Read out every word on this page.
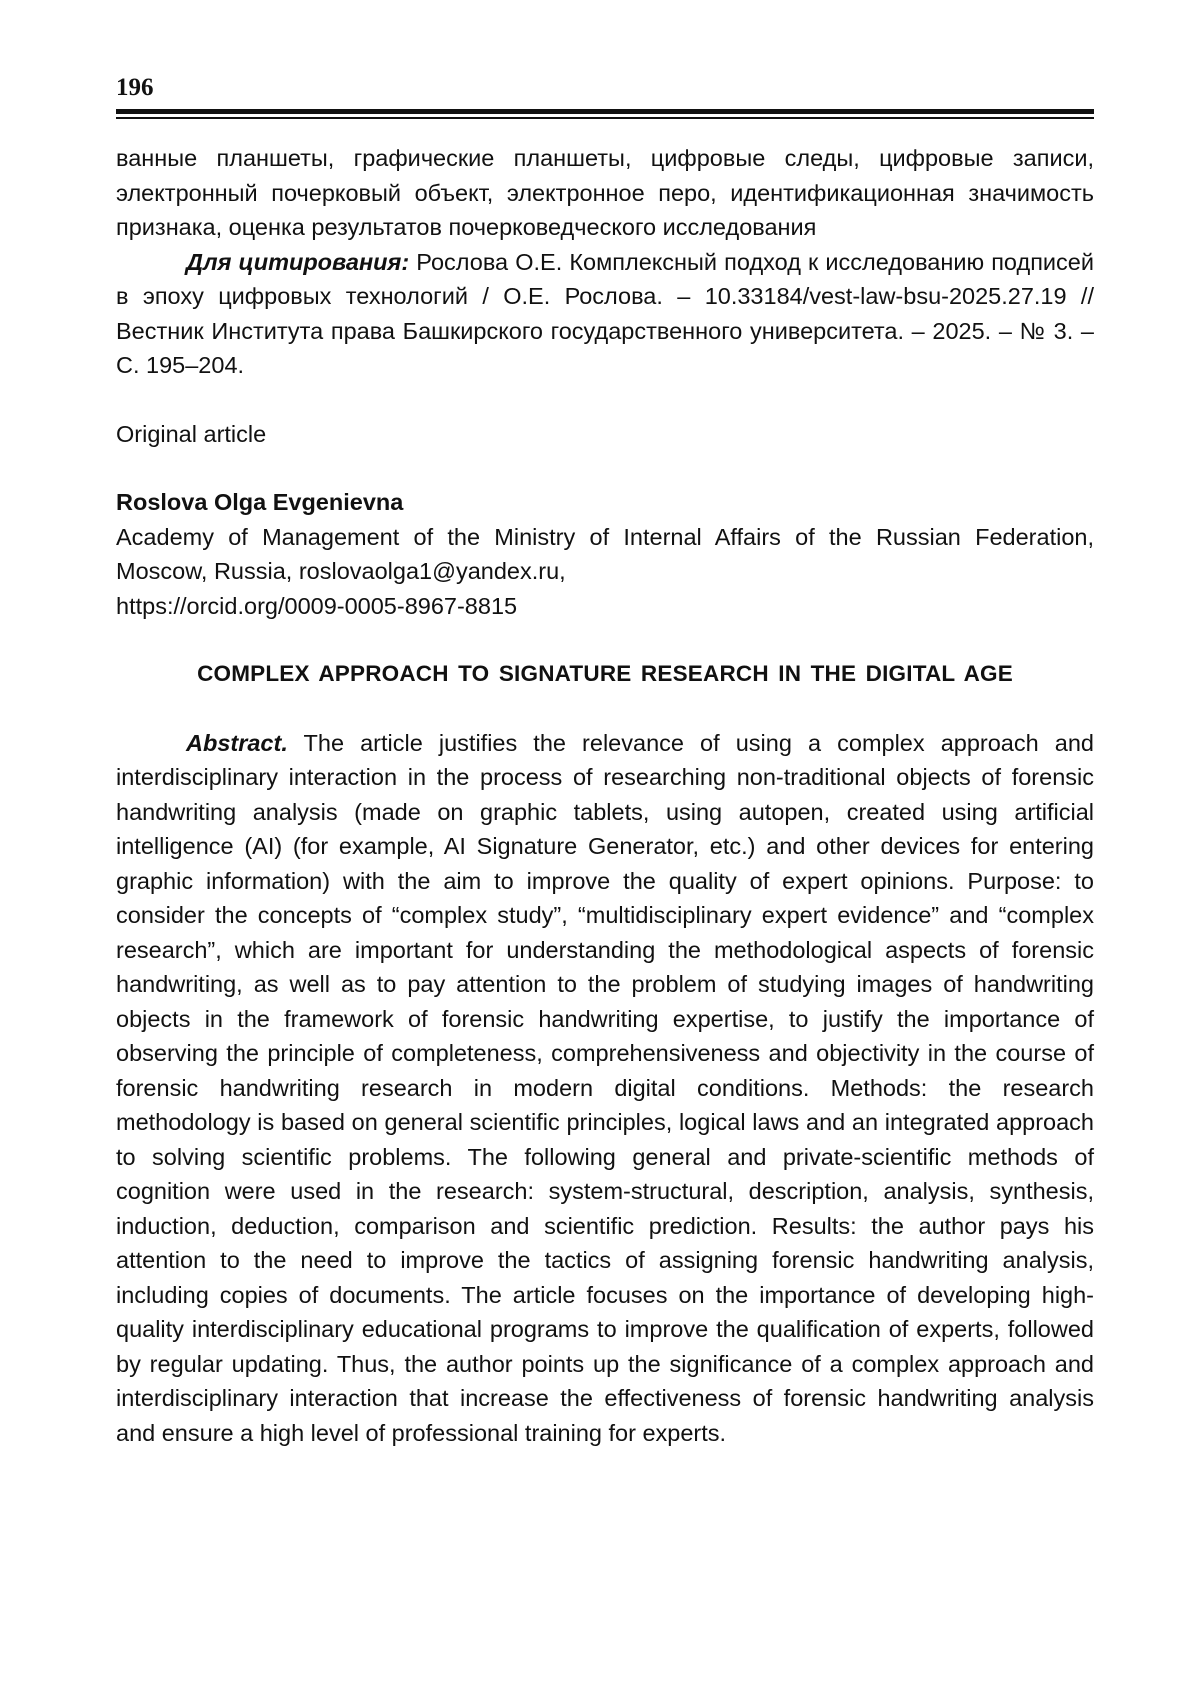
196

ванные планшеты, графические планшеты, цифровые следы, цифровые записи, электронный почерковый объект, электронное перо, идентификационная значимость признака, оценка результатов почерковедческого исследования

Для цитирования: Рослова О.Е. Комплексный подход к исследованию подписей в эпоху цифровых технологий / О.Е. Рослова. – 10.33184/vest-law-bsu-2025.27.19 // Вестник Института права Башкирского государственного университета. – 2025. – № 3. – С. 195–204.

Original article

Roslova Olga Evgenievna

Academy of Management of the Ministry of Internal Affairs of the Russian Federation, Moscow, Russia, roslovaolga1@yandex.ru,

https://orcid.org/0009-0005-8967-8815

COMPLEX APPROACH TO SIGNATURE RESEARCH IN THE DIGITAL AGE

Abstract. The article justifies the relevance of using a complex approach and interdisciplinary interaction in the process of researching non-traditional objects of forensic handwriting analysis (made on graphic tablets, using autopen, created using artificial intelligence (AI) (for example, AI Signature Generator, etc.) and other devices for entering graphic information) with the aim to improve the quality of expert opinions. Purpose: to consider the concepts of “complex study”, “multidisciplinary expert evidence” and “complex research”, which are important for understanding the methodological aspects of forensic handwriting, as well as to pay attention to the problem of studying images of handwriting objects in the framework of forensic handwriting expertise, to justify the importance of observing the principle of completeness, comprehensiveness and objectivity in the course of forensic handwriting research in modern digital conditions. Methods: the research methodology is based on general scientific principles, logical laws and an integrated approach to solving scientific problems. The following general and private-scientific methods of cognition were used in the research: system-structural, description, analysis, synthesis, induction, deduction, comparison and scientific prediction. Results: the author pays his attention to the need to improve the tactics of assigning forensic handwriting analysis, including copies of documents. The article focuses on the importance of developing high-quality interdisciplinary educational programs to improve the qualification of experts, followed by regular updating. Thus, the author points up the significance of a complex approach and interdisciplinary interaction that increase the effectiveness of forensic handwriting analysis and ensure a high level of professional training for experts.
